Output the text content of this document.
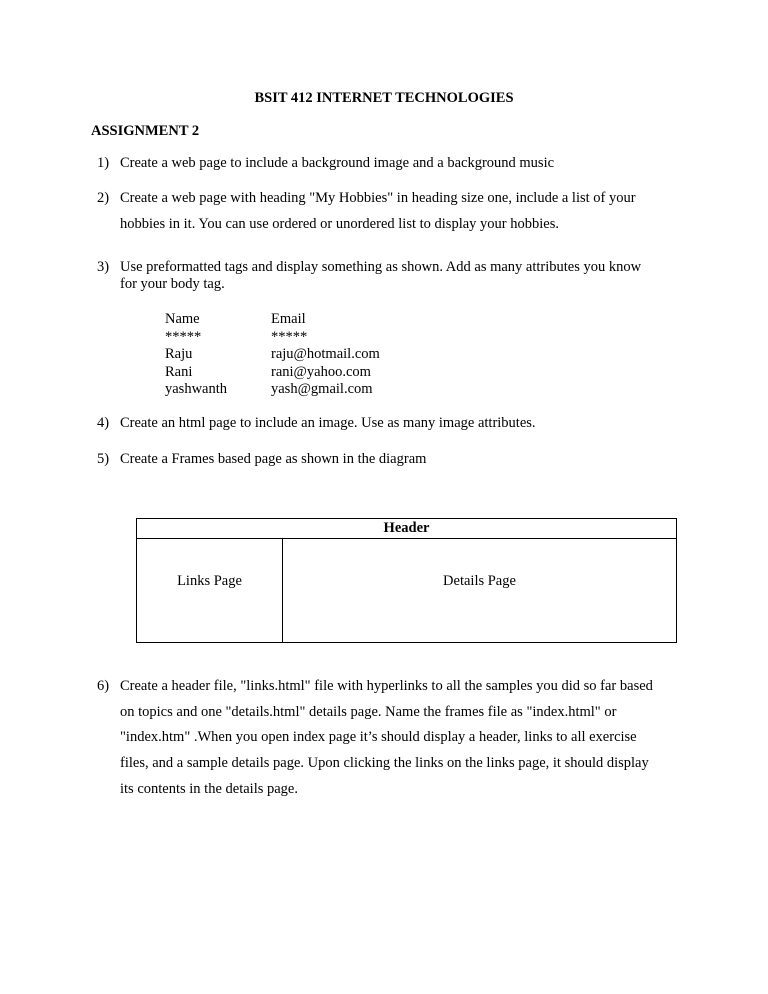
BSIT 412 INTERNET TECHNOLOGIES
ASSIGNMENT 2
1) Create a web page to include a background image and a background music
2) Create a web page with heading "My Hobbies" in heading size one, include a list of your
hobbies in it. You can use ordered or unordered list to display your hobbies.
3) Use preformatted tags and display something as shown. Add as many attributes you know
for your body tag.
Name
*****
Raju
Rani
yashwanth
Email
*****
raju@hotmail.com
rani@yahoo.com
yash@gmail.com
4) Create an html page to include an image. Use as many image attributes.
5) Create a Frames based page as shown in the diagram
Header
Links Page	Details Page
6) Create a header file, "links.html" file with hyperlinks to all the samples you did so far based
on topics and one "details.html" details page. Name the frames file as "index.html" or
"index.htm" .When you open index page it’s should display a header, links to all exercise
files, and a sample details page. Upon clicking the links on the links page, it should display
its contents in the details page.
